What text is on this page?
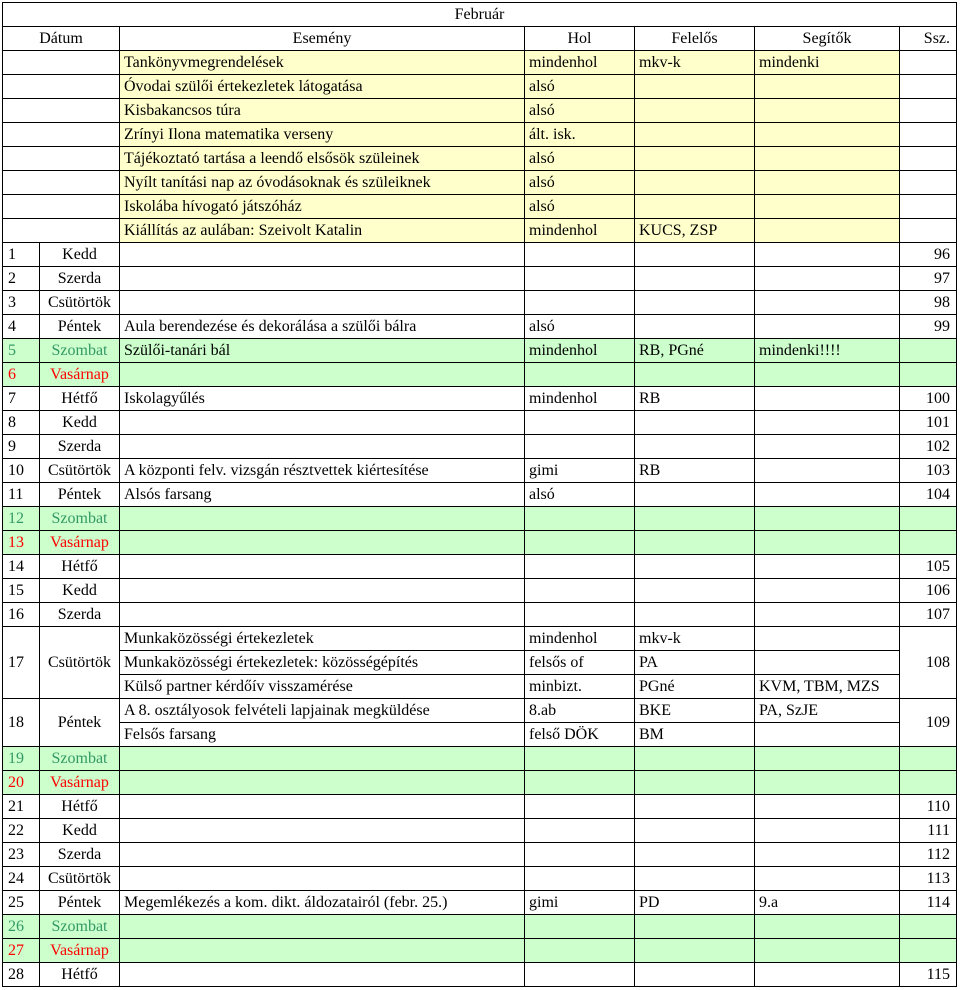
Február						
Dátum		Esemény	Hol	Felelős	Segítők	Ssz.
		Tankönyvmegrendelések	mindenhol	mkv-k	mindenki	
		Óvodai szülői értekezletek látogatása	alsó			
		Kisbakancsos túra	alsó			
		Zrínyi Ilona matematika verseny	ált. isk.			
		Tájékoztató tartása a leendő elsősök szüleinek	alsó			
		Nyílt tanítási nap az óvodásoknak és szüleiknek	alsó			
		Iskolába hívogató játszóház	alsó			
		Kiállítás az aulában: Szeivolt Katalin	mindenhol	KUCS, ZSP		
1	Kedd					96
2	Szerda					97
3	Csütörtök					98
4	Péntek	Aula berendezése és dekorálása a szülői bálra	alsó			99
5	Szombat	Szülői-tanári bál	mindenhol	RB, PGné	mindenki!!!!	
6	Vasárnap					
7	Hétfő	Iskolagyűlés	mindenhol	RB		100
8	Kedd					101
9	Szerda					102
10	Csütörtök	A központi felv. vizsgán résztvettek kiértesítése	gimi	RB		103
11	Péntek	Alsós farsang	alsó			104
12	Szombat					
13	Vasárnap					
14	Hétfő					105
15	Kedd					106
16	Szerda					107
17	Csütörtök	Munkaközösségi értekezletek	mindenhol	mkv-k		108
		Munkaközösségi értekezletek: közösségépítés	felsős of	PA		
		Külső partner kérdőív visszamérése	minbizt.	PGné	KVM, TBM, MZS	
18	Péntek	A 8. osztályosok felvételi lapjainak megküldése	8.ab	BKE	PA, SzJE	109
		Felsős farsang	felső DÖK	BM		
19	Szombat					
20	Vasárnap					
21	Hétfő					110
22	Kedd					111
23	Szerda					112
24	Csütörtök					113
25	Péntek	Megemlékezés a kom. dikt. áldozatairól (febr. 25.)	gimi	PD	9.a	114
26	Szombat					
27	Vasárnap					
28	Hétfő					115
